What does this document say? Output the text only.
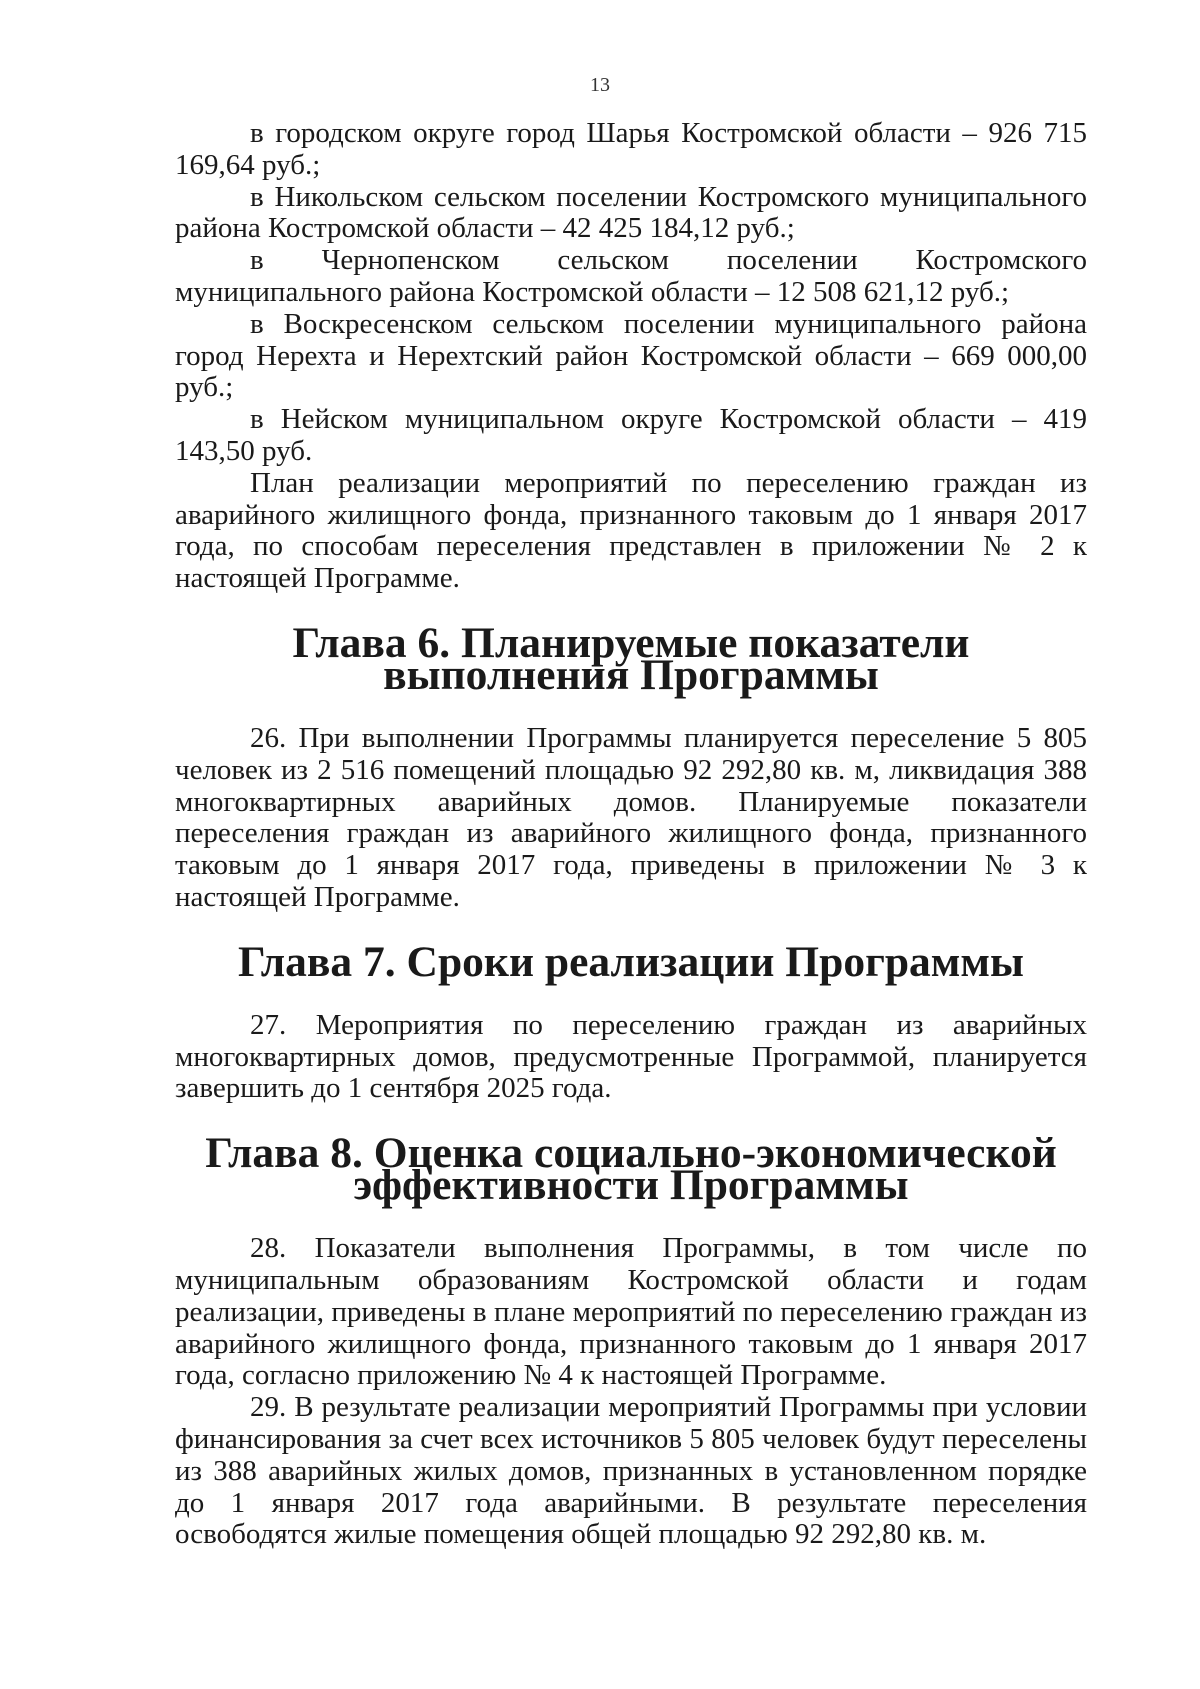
13

в городском округе город Шарья Костромской области – 926 715 169,64 руб.;

в Никольском сельском поселении Костромского муниципального района Костромской области – 42 425 184,12 руб.;

в Чернопенском сельском поселении Костромского муниципального района Костромской области – 12 508 621,12 руб.;

в Воскресенском сельском поселении муниципального района город Нерехта и Нерехтский район Костромской области – 669 000,00 руб.;

в Нейском муниципальном округе Костромской области – 419 143,50 руб.

План реализации мероприятий по переселению граждан из аварийного жилищного фонда, признанного таковым до 1 января 2017 года, по способам переселения представлен в приложении № 2 к настоящей Программе.

Глава 6. Планируемые показатели выполнения Программы

26. При выполнении Программы планируется переселение 5 805 человек из 2 516 помещений площадью 92 292,80 кв. м, ликвидация 388 многоквартирных аварийных домов. Планируемые показатели переселения граждан из аварийного жилищного фонда, признанного таковым до 1 января 2017 года, приведены в приложении № 3 к настоящей Программе.

Глава 7. Сроки реализации Программы

27. Мероприятия по переселению граждан из аварийных многоквартирных домов, предусмотренные Программой, планируется завершить до 1 сентября 2025 года.

Глава 8. Оценка социально-экономической эффективности Программы

28. Показатели выполнения Программы, в том числе по муниципальным образованиям Костромской области и годам реализации, приведены в плане мероприятий по переселению граждан из аварийного жилищного фонда, признанного таковым до 1 января 2017 года, согласно приложению № 4 к настоящей Программе.

29. В результате реализации мероприятий Программы при условии финансирования за счет всех источников 5 805 человек будут переселены из 388 аварийных жилых домов, признанных в установленном порядке до 1 января 2017 года аварийными. В результате переселения освободятся жилые помещения общей площадью 92 292,80 кв. м.
